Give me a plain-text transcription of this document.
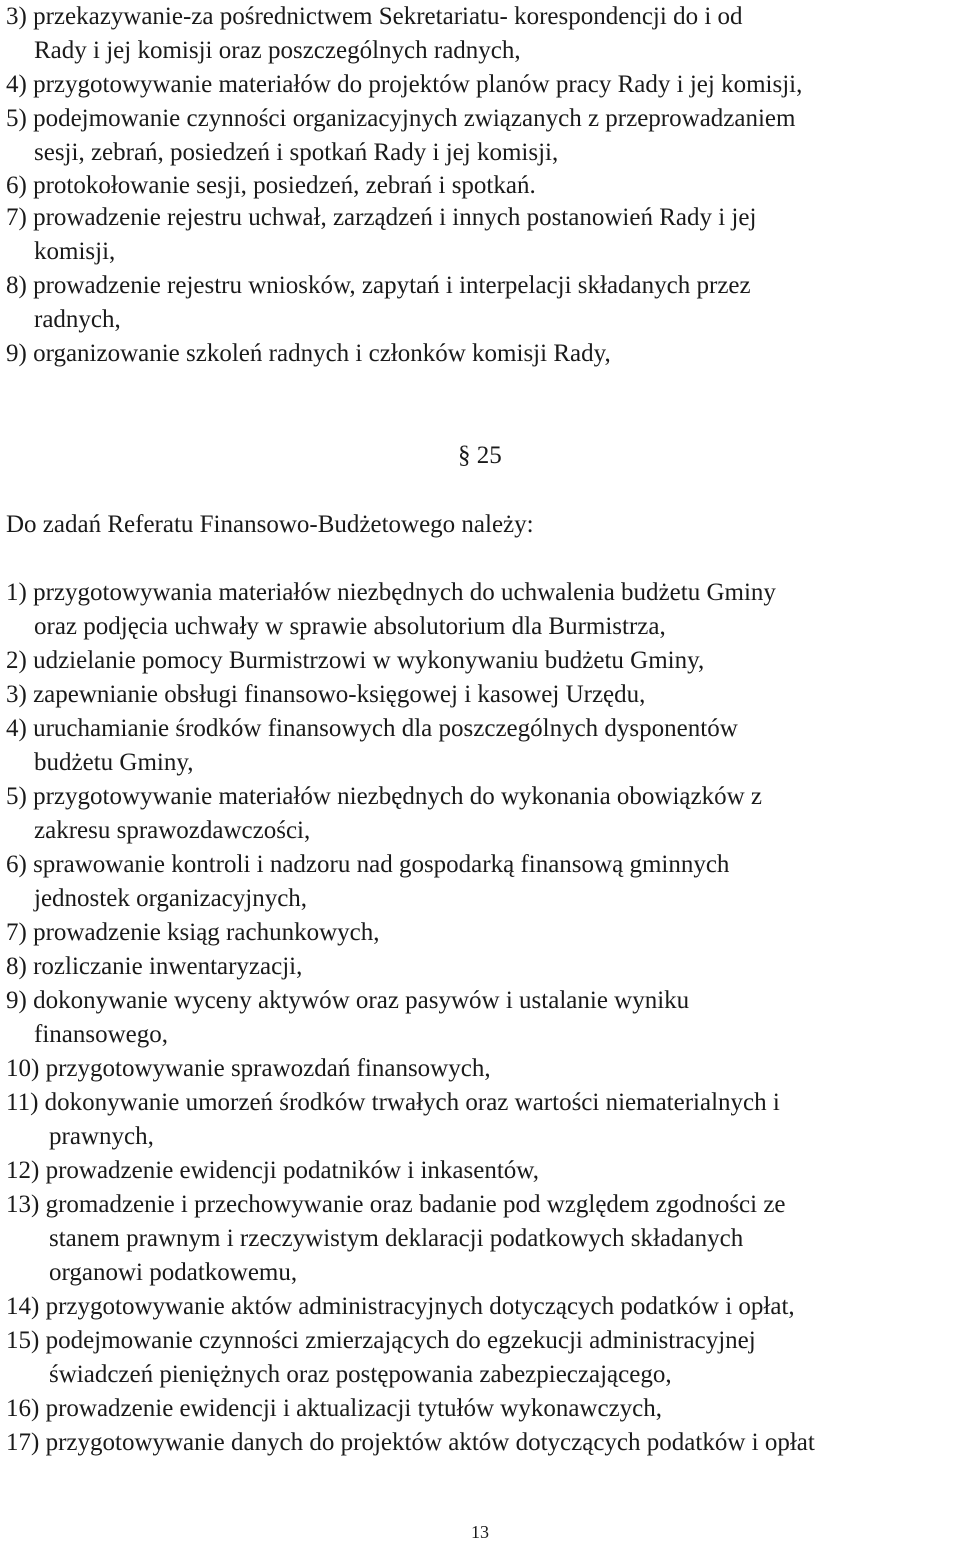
3) przekazywanie-za pośrednictwem Sekretariatu- korespondencji do i od
Rady i jej komisji oraz poszczególnych radnych,
4) przygotowywanie materiałów do projektów planów pracy Rady i jej komisji,
5) podejmowanie czynności organizacyjnych związanych z przeprowadzaniem
sesji, zebrań, posiedzeń i spotkań Rady i jej komisji,
6) protokołowanie sesji, posiedzeń, zebrań i spotkań.
7) prowadzenie rejestru uchwał, zarządzeń i innych postanowień Rady i jej
komisji,
8) prowadzenie rejestru wniosków, zapytań i interpelacji składanych przez
radnych,
9) organizowanie szkoleń radnych i członków komisji Rady,
§ 25
Do zadań Referatu Finansowo-Budżetowego należy:
1) przygotowywania materiałów niezbędnych do uchwalenia budżetu Gminy
oraz podjęcia uchwały w sprawie absolutorium dla Burmistrza,
2) udzielanie pomocy Burmistrzowi w wykonywaniu budżetu Gminy,
3) zapewnianie obsługi finansowo-księgowej i kasowej Urzędu,
4) uruchamianie środków finansowych dla poszczególnych dysponentów
budżetu Gminy,
5) przygotowywanie materiałów niezbędnych do wykonania obowiązków z
zakresu sprawozdawczości,
6) sprawowanie kontroli i nadzoru nad gospodarką finansową gminnych
jednostek organizacyjnych,
7) prowadzenie ksiąg rachunkowych,
8) rozliczanie inwentaryzacji,
9) dokonywanie wyceny aktywów oraz pasywów i ustalanie wyniku
finansowego,
10) przygotowywanie sprawozdań finansowych,
11) dokonywanie umorzeń środków trwałych oraz wartości niematerialnych i
prawnych,
12) prowadzenie ewidencji podatników i inkasentów,
13) gromadzenie i przechowywanie oraz badanie pod względem zgodności ze
stanem prawnym i rzeczywistym deklaracji podatkowych składanych
organowi podatkowemu,
14) przygotowywanie aktów administracyjnych dotyczących podatków i opłat,
15) podejmowanie czynności zmierzających do egzekucji administracyjnej
świadczeń pieniężnych oraz postępowania zabezpieczającego,
16) prowadzenie ewidencji i aktualizacji tytułów wykonawczych,
17) przygotowywanie danych do projektów aktów dotyczących podatków i opłat
13
